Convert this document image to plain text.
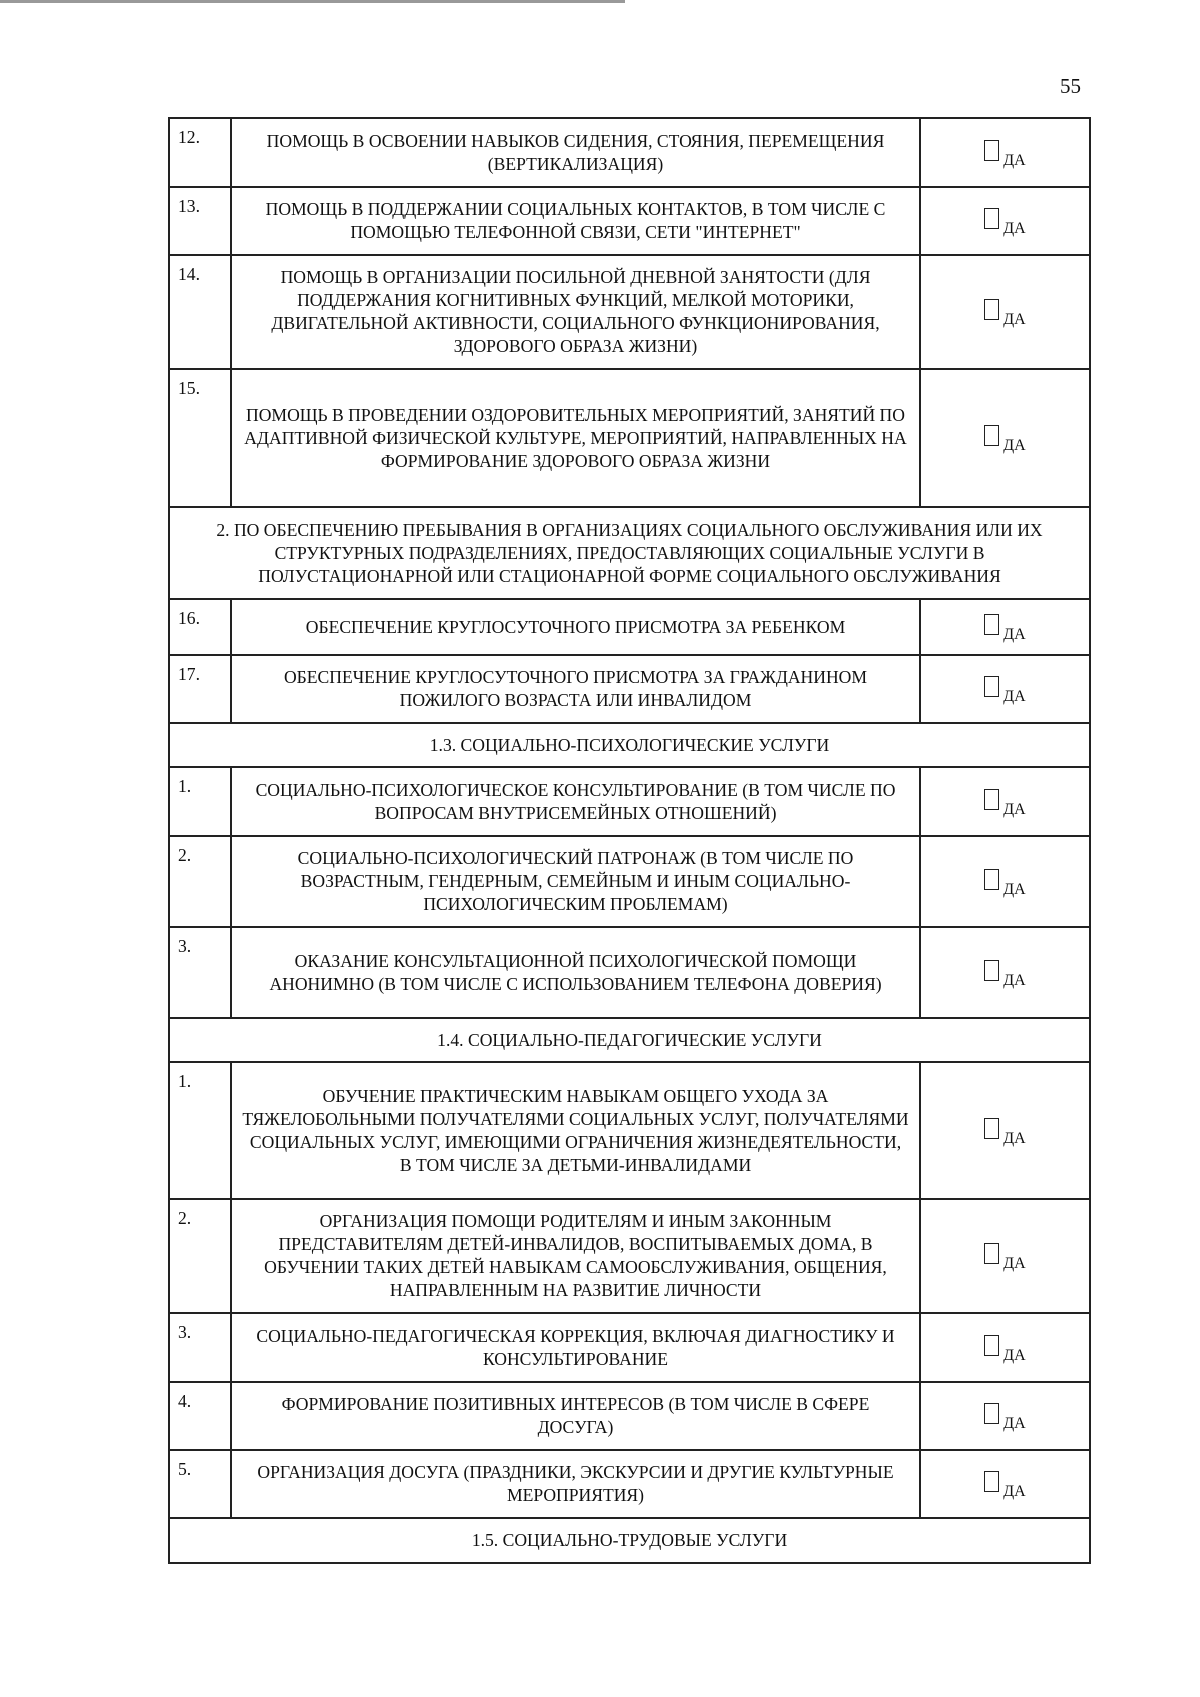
55
12.	ПОМОЩЬ В ОСВОЕНИИ НАВЫКОВ СИДЕНИЯ, СТОЯНИЯ, ПЕРЕМЕЩЕНИЯ (ВЕРТИКАЛИЗАЦИЯ)	ДА
13.	ПОМОЩЬ В ПОДДЕРЖАНИИ СОЦИАЛЬНЫХ КОНТАКТОВ, В ТОМ ЧИСЛЕ С ПОМОЩЬЮ ТЕЛЕФОННОЙ СВЯЗИ, СЕТИ "ИНТЕРНЕТ"	ДА
14.	ПОМОЩЬ В ОРГАНИЗАЦИИ ПОСИЛЬНОЙ ДНЕВНОЙ ЗАНЯТОСТИ (ДЛЯ ПОДДЕРЖАНИЯ КОГНИТИВНЫХ ФУНКЦИЙ, МЕЛКОЙ МОТОРИКИ, ДВИГАТЕЛЬНОЙ АКТИВНОСТИ, СОЦИАЛЬНОГО ФУНКЦИОНИРОВАНИЯ, ЗДОРОВОГО ОБРАЗА ЖИЗНИ)	ДА
15.	ПОМОЩЬ В ПРОВЕДЕНИИ ОЗДОРОВИТЕЛЬНЫХ МЕРОПРИЯТИЙ, ЗАНЯТИЙ ПО АДАПТИВНОЙ ФИЗИЧЕСКОЙ КУЛЬТУРЕ, МЕРОПРИЯТИЙ, НАПРАВЛЕННЫХ НА ФОРМИРОВАНИЕ ЗДОРОВОГО ОБРАЗА ЖИЗНИ	ДА
2. ПО ОБЕСПЕЧЕНИЮ ПРЕБЫВАНИЯ В ОРГАНИЗАЦИЯХ СОЦИАЛЬНОГО ОБСЛУЖИВАНИЯ ИЛИ ИХ СТРУКТУРНЫХ ПОДРАЗДЕЛЕНИЯХ, ПРЕДОСТАВЛЯЮЩИХ СОЦИАЛЬНЫЕ УСЛУГИ В ПОЛУСТАЦИОНАРНОЙ ИЛИ СТАЦИОНАРНОЙ ФОРМЕ СОЦИАЛЬНОГО ОБСЛУЖИВАНИЯ		
16.	ОБЕСПЕЧЕНИЕ КРУГЛОСУТОЧНОГО ПРИСМОТРА ЗА РЕБЕНКОМ	ДА
17.	ОБЕСПЕЧЕНИЕ КРУГЛОСУТОЧНОГО ПРИСМОТРА ЗА ГРАЖДАНИНОМ ПОЖИЛОГО ВОЗРАСТА ИЛИ ИНВАЛИДОМ	ДА
1.3. СОЦИАЛЬНО-ПСИХОЛОГИЧЕСКИЕ УСЛУГИ		
1.	СОЦИАЛЬНО-ПСИХОЛОГИЧЕСКОЕ КОНСУЛЬТИРОВАНИЕ (В ТОМ ЧИСЛЕ ПО ВОПРОСАМ ВНУТРИСЕМЕЙНЫХ ОТНОШЕНИЙ)	ДА
2.	СОЦИАЛЬНО-ПСИХОЛОГИЧЕСКИЙ ПАТРОНАЖ (В ТОМ ЧИСЛЕ ПО ВОЗРАСТНЫМ, ГЕНДЕРНЫМ, СЕМЕЙНЫМ И ИНЫМ СОЦИАЛЬНО-ПСИХОЛОГИЧЕСКИМ ПРОБЛЕМАМ)	ДА
3.	ОКАЗАНИЕ КОНСУЛЬТАЦИОННОЙ ПСИХОЛОГИЧЕСКОЙ ПОМОЩИ АНОНИМНО (В ТОМ ЧИСЛЕ С ИСПОЛЬЗОВАНИЕМ ТЕЛЕФОНА ДОВЕРИЯ)	ДА
1.4. СОЦИАЛЬНО-ПЕДАГОГИЧЕСКИЕ УСЛУГИ		
1.	ОБУЧЕНИЕ ПРАКТИЧЕСКИМ НАВЫКАМ ОБЩЕГО УХОДА ЗА ТЯЖЕЛОБОЛЬНЫМИ ПОЛУЧАТЕЛЯМИ СОЦИАЛЬНЫХ УСЛУГ, ПОЛУЧАТЕЛЯМИ СОЦИАЛЬНЫХ УСЛУГ, ИМЕЮЩИМИ ОГРАНИЧЕНИЯ ЖИЗНЕДЕЯТЕЛЬНОСТИ, В ТОМ ЧИСЛЕ ЗА ДЕТЬМИ-ИНВАЛИДАМИ	ДА
2.	ОРГАНИЗАЦИЯ ПОМОЩИ РОДИТЕЛЯМ И ИНЫМ ЗАКОННЫМ ПРЕДСТАВИТЕЛЯМ ДЕТЕЙ-ИНВАЛИДОВ, ВОСПИТЫВАЕМЫХ ДОМА, В ОБУЧЕНИИ ТАКИХ ДЕТЕЙ НАВЫКАМ САМООБСЛУЖИВАНИЯ, ОБЩЕНИЯ, НАПРАВЛЕННЫМ НА РАЗВИТИЕ ЛИЧНОСТИ	ДА
3.	СОЦИАЛЬНО-ПЕДАГОГИЧЕСКАЯ КОРРЕКЦИЯ, ВКЛЮЧАЯ ДИАГНОСТИКУ И КОНСУЛЬТИРОВАНИЕ	ДА
4.	ФОРМИРОВАНИЕ ПОЗИТИВНЫХ ИНТЕРЕСОВ (В ТОМ ЧИСЛЕ В СФЕРЕ ДОСУГА)	ДА
5.	ОРГАНИЗАЦИЯ ДОСУГА (ПРАЗДНИКИ, ЭКСКУРСИИ И ДРУГИЕ КУЛЬТУРНЫЕ МЕРОПРИЯТИЯ)	ДА
1.5. СОЦИАЛЬНО-ТРУДОВЫЕ УСЛУГИ		
